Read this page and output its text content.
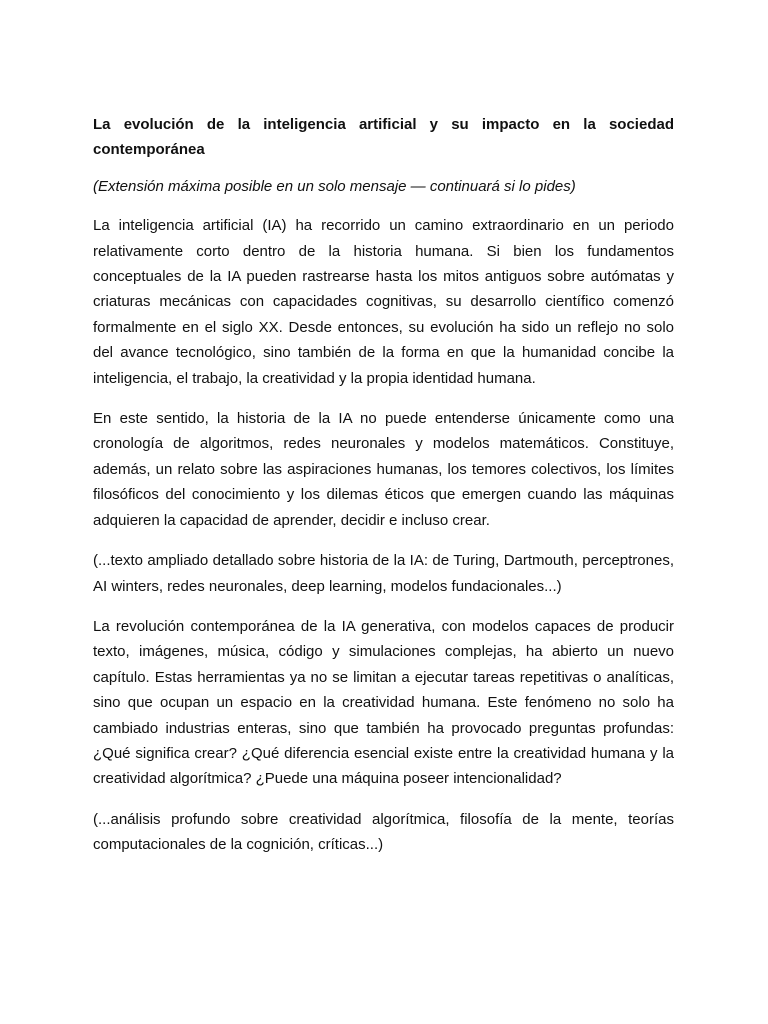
La evolución de la inteligencia artificial y su impacto en la sociedad contemporánea

(Extensión máxima posible en un solo mensaje — continuará si lo pides)

La inteligencia artificial (IA) ha recorrido un camino extraordinario en un periodo relativamente corto dentro de la historia humana. Si bien los fundamentos conceptuales de la IA pueden rastrearse hasta los mitos antiguos sobre autómatas y criaturas mecánicas con capacidades cognitivas, su desarrollo científico comenzó formalmente en el siglo XX. Desde entonces, su evolución ha sido un reflejo no solo del avance tecnológico, sino también de la forma en que la humanidad concibe la inteligencia, el trabajo, la creatividad y la propia identidad humana.

En este sentido, la historia de la IA no puede entenderse únicamente como una cronología de algoritmos, redes neuronales y modelos matemáticos. Constituye, además, un relato sobre las aspiraciones humanas, los temores colectivos, los límites filosóficos del conocimiento y los dilemas éticos que emergen cuando las máquinas adquieren la capacidad de aprender, decidir e incluso crear.

(...texto ampliado detallado sobre historia de la IA: de Turing, Dartmouth, perceptrones, AI winters, redes neuronales, deep learning, modelos fundacionales...)

La revolución contemporánea de la IA generativa, con modelos capaces de producir texto, imágenes, música, código y simulaciones complejas, ha abierto un nuevo capítulo. Estas herramientas ya no se limitan a ejecutar tareas repetitivas o analíticas, sino que ocupan un espacio en la creatividad humana. Este fenómeno no solo ha cambiado industrias enteras, sino que también ha provocado preguntas profundas: ¿Qué significa crear? ¿Qué diferencia esencial existe entre la creatividad humana y la creatividad algorítmica? ¿Puede una máquina poseer intencionalidad?

(...análisis profundo sobre creatividad algorítmica, filosofía de la mente, teorías computacionales de la cognición, críticas...)
